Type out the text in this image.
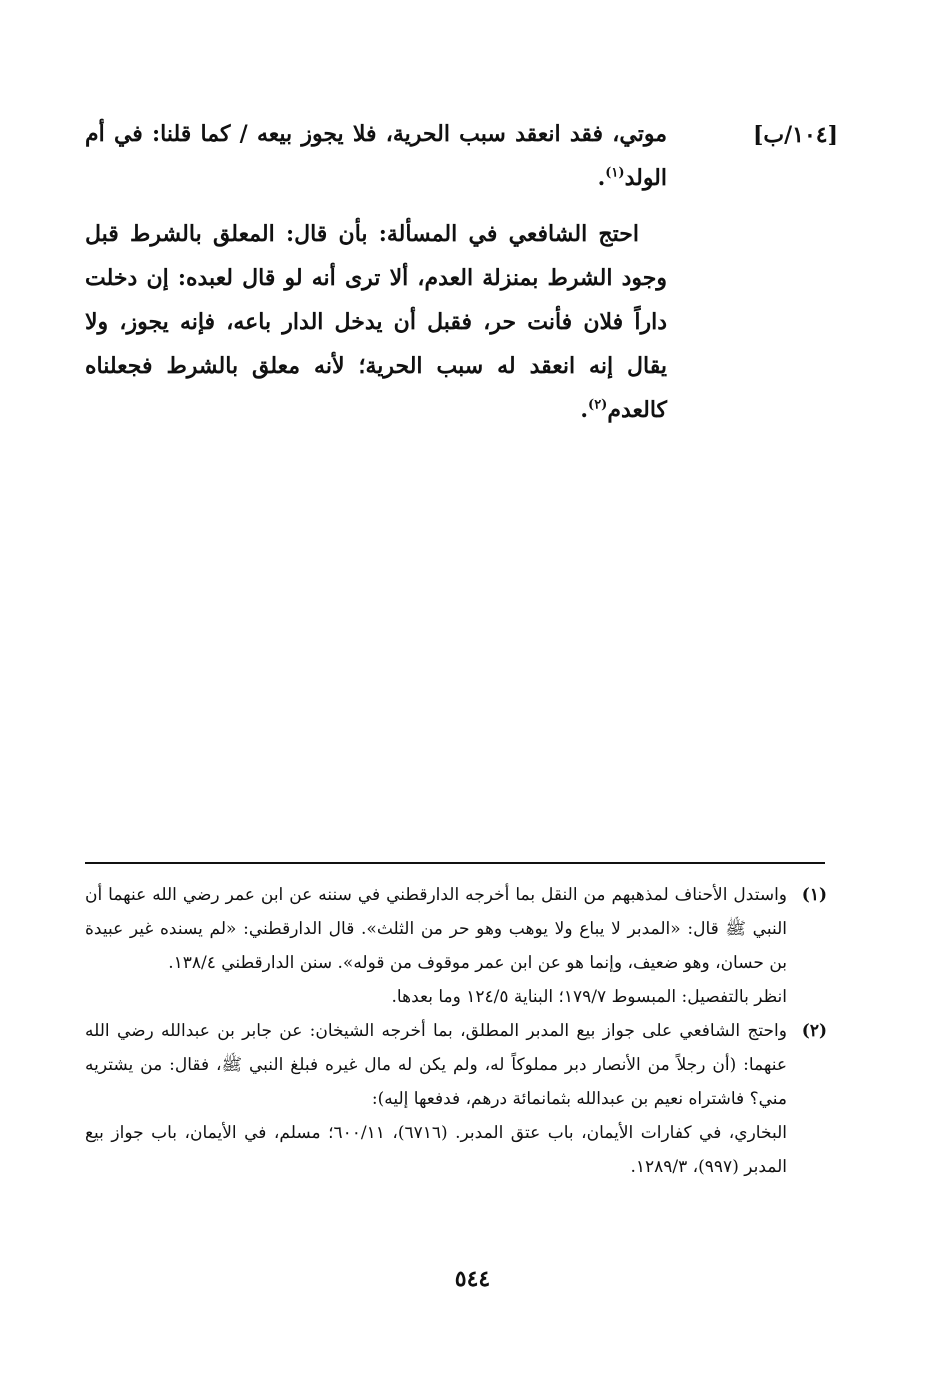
[١٠٤/ب]

موتي، فقد انعقد سبب الحرية، فلا يجوز بيعه / كما قلنا: في أم الولد$^{(١)}$.

احتج الشافعي في المسألة: بأن قال: المعلق بالشرط قبل وجود الشرط بمنزلة العدم، ألا ترى أنه لو قال لعبده: إن دخلت داراً فلان فأنت حر، فقبل أن يدخل الدار باعه، فإنه يجوز، ولا يقال إنه انعقد له سبب الحرية؛ لأنه معلق بالشرط فجعلناه كالعدم$^{(٢)}$.

(١)

واستدل الأحناف لمذهبهم من النقل بما أخرجه الدارقطني في سننه عن ابن عمر رضي الله عنهما أن النبي ﷺ قال: «المدبر لا يباع ولا يوهب وهو حر من الثلث». قال الدارقطني: «لم يسنده غير عبيدة بن حسان، وهو ضعيف، وإنما هو عن ابن عمر موقوف من قوله». سنن الدارقطني ١٣٨/٤.

انظر بالتفصيل: المبسوط ١٧٩/٧؛ البناية ١٢٤/٥ وما بعدها.

(٢)

واحتج الشافعي على جواز بيع المدبر المطلق، بما أخرجه الشيخان: عن جابر بن عبدالله رضي الله عنهما: (أن رجلاً من الأنصار دبر مملوكاً له، ولم يكن له مال غيره فبلغ النبي ﷺ، فقال: من يشتريه مني؟ فاشتراه نعيم بن عبدالله بثمانمائة درهم، فدفعها إليه):

البخاري، في كفارات الأيمان، باب عتق المدبر. (٦٧١٦)، ٦٠٠/١١؛ مسلم، في الأيمان، باب جواز بيع المدبر (٩٩٧)، ١٢٨٩/٣.

٥٤٤
